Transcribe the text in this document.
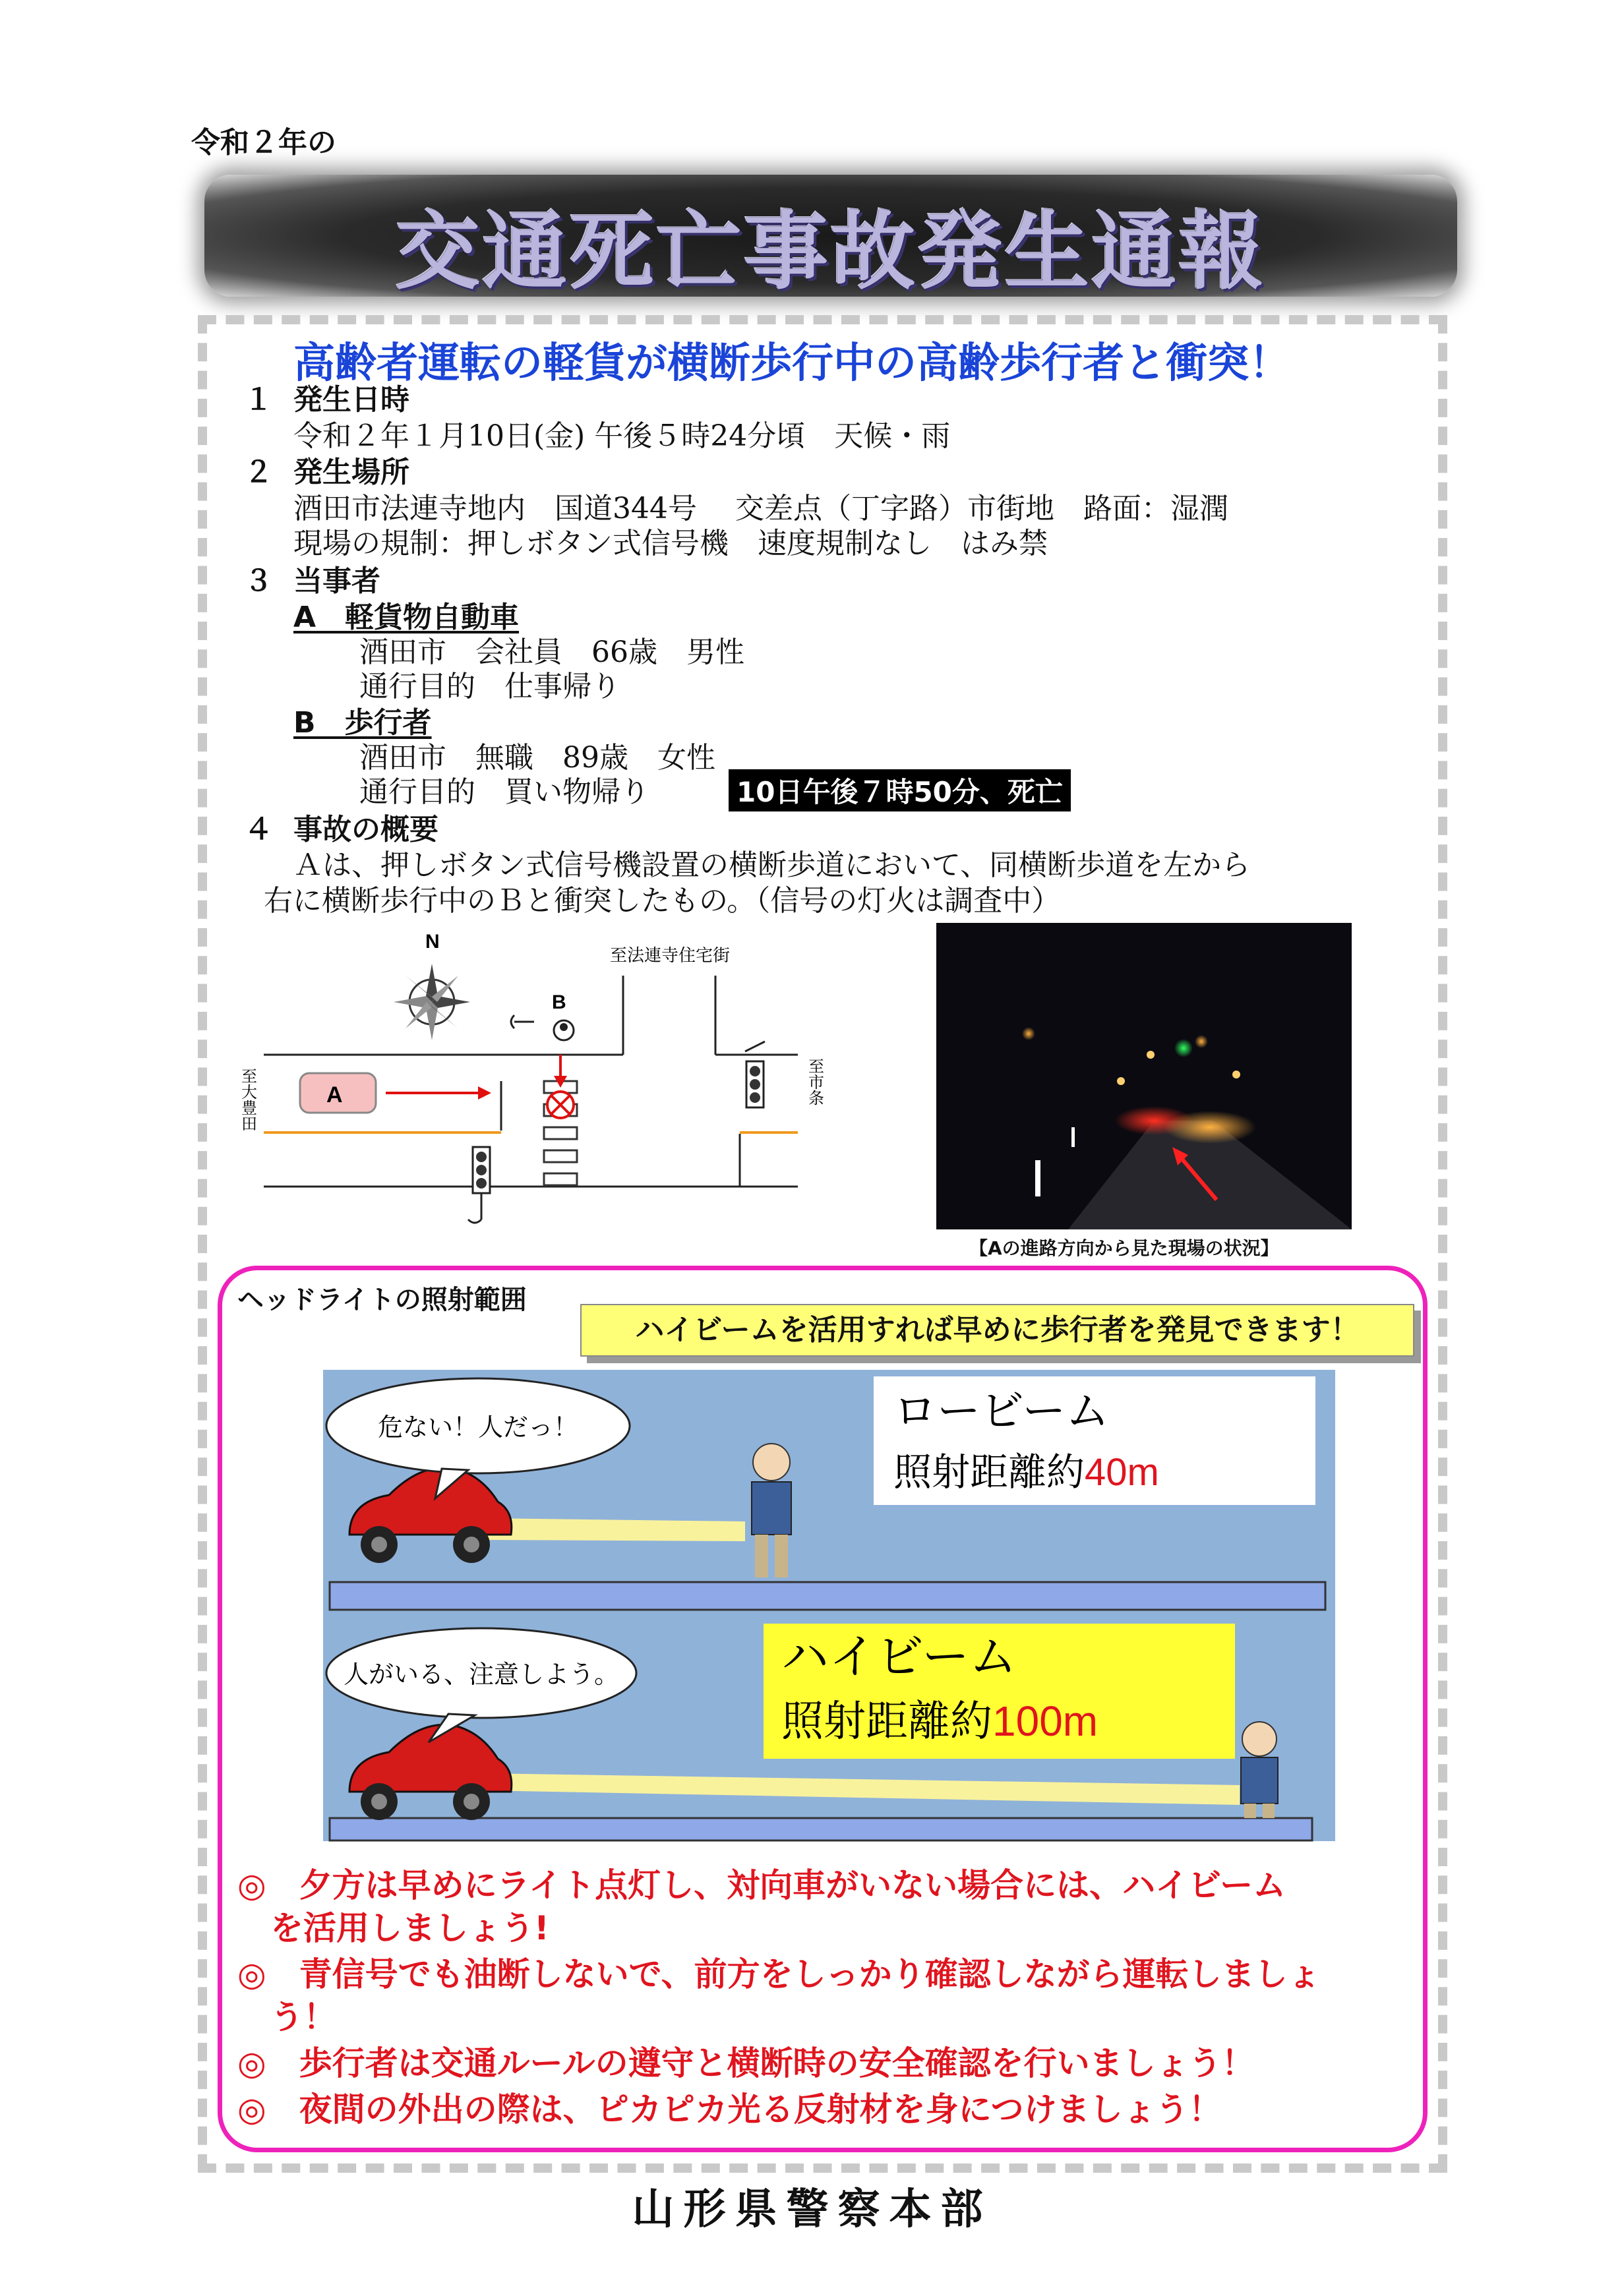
令和２年の
交通死亡事故発生通報
高齢者運転の軽貨が横断歩行中の高齢歩行者と衝突！
１ 発生日時
令和２年１月10日(金) 午後５時24分頃　天候・雨
２ 発生場所
酒田市法連寺地内　国道344号　 交差点（丁字路）市街地　路面：湿潤
現場の規制：押しボタン式信号機　速度規制なし　はみ禁
３ 当事者
A　軽貨物自動車
酒田市　会社員　66歳　男性
通行目的　仕事帰り
B　歩行者
酒田市　無職　89歳　女性
通行目的　買い物帰り	10日午後７時50分、死亡
４ 事故の概要
Ａは、押しボタン式信号機設置の横断歩道において、同横断歩道を左から
右に横断歩行中のＢと衝突したもの。（信号の灯火は調査中）
N
B
A
至法連寺住宅街
至大豊田	至市条
【Aの進路方向から見た現場の状況】
ヘッドライトの照射範囲
ハイビームを活用すれば早めに歩行者を発見できます！
危ない！人だっ！
人がいる、注意しよう。
ロービーム
照射距離約40m
ハイビーム
照射距離約100m
◎　夕方は早めにライト点灯し、対向車がいない場合には、ハイビーム
　を活用しましょう!
◎　青信号でも油断しないで、前方をしっかり確認しながら運転しましょ
　う！
◎　歩行者は交通ルールの遵守と横断時の安全確認を行いましょう！
◎　夜間の外出の際は、ピカピカ光る反射材を身につけましょう！
山形県警察本部
